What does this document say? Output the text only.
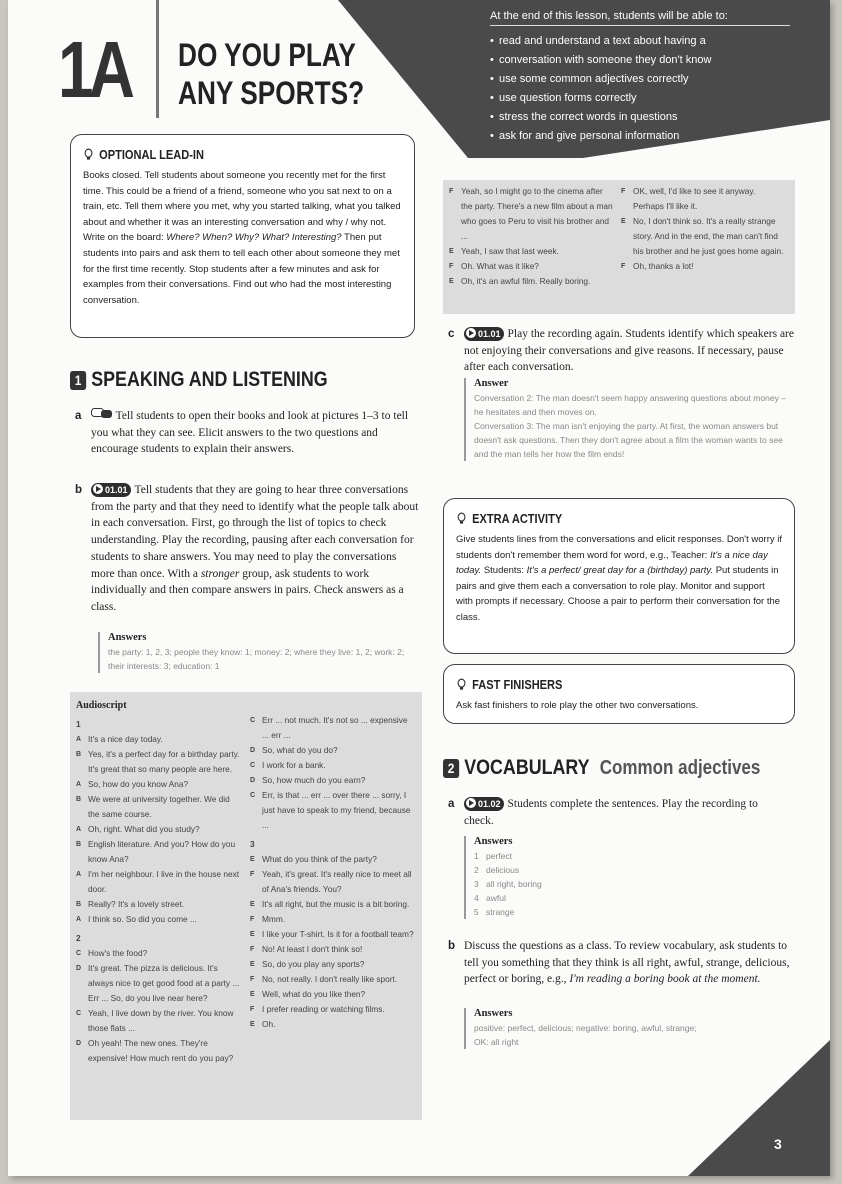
1A DO YOU PLAY
ANY SPORTS?
At the end of this lesson, students will be able to:
• read and understand a text about having a
• conversation with someone they don't know
• use some common adjectives correctly
• use question forms correctly
• stress the correct words in questions
• ask for and give personal information
OPTIONAL LEAD-IN
Books closed. Tell students about someone you recently met for the first time. This could be a friend of a friend, someone who you sat next to on a train, etc. Tell them where you met, why you started talking, what you talked about and whether it was an interesting conversation and why / why not. Write on the board: Where? When? Why? What? Interesting? Then put students into pairs and ask them to tell each other about someone they met for the first time recently. Stop students after a few minutes and ask for examples from their conversations. Find out who had the most interesting conversation.
1 SPEAKING AND LISTENING
a	Tell students to open their books and look at pictures 1–3 to tell you what they can see. Elicit answers to the two questions and encourage students to explain their answers.
b	01.01 Tell students that they are going to hear three conversations from the party and that they need to identify what the people talk about in each conversation. First, go through the list of topics to check understanding. Play the recording, pausing after each conversation for students to share answers. You may need to play the conversations more than once. With a stronger group, ask students to work individually and then compare answers in pairs. Check answers as a class.
Answers
the party: 1, 2, 3; people they know: 1; money: 2; where they live: 1, 2; work: 2; their interests: 3; education: 1
Audioscript
1
A It's a nice day today.
B Yes, it's a perfect day for a birthday party. It's great that so many people are here.
A So, how do you know Ana?
B We were at university together. We did the same course.
A Oh, right. What did you study?
B English literature. And you? How do you know Ana?
A I'm her neighbour. I live in the house next door.
B Really? It's a lovely street.
A I think so. So did you come ...
2
C How's the food?
D It's great. The pizza is delicious. It's always nice to get good food at a party ... Err ... So, do you live near here?
C Yeah, I live down by the river. You know those flats ...
D Oh yeah! The new ones. They're expensive! How much rent do you pay?
C Err ... not much. It's not so ... expensive ... err ...
D So, what do you do?
C I work for a bank.
D So, how much do you earn?
C Err, is that ... err ... over there ... sorry, I just have to speak to my friend, because ...
3
E What do you think of the party?
F Yeah, it's great. It's really nice to meet all of Ana's friends. You?
E It's all right, but the music is a bit boring.
F Mmm.
E I like your T-shirt. Is it for a football team?
F No! At least I don't think so!
E So, do you play any sports?
F No, not really. I don't really like sport.
E Well, what do you like then?
F I prefer reading or watching films.
E Oh.
F Yeah, so I might go to the cinema after the party. There's a new film about a man who goes to Peru to visit his brother and ...
E Yeah, I saw that last week.
F Oh. What was it like?
E Oh, it's an awful film. Really boring.
F OK, well, I'd like to see it anyway. Perhaps I'll like it.
E No, I don't think so. It's a really strange story. And in the end, the man can't find his brother and he just goes home again.
F Oh, thanks a lot!
c	01.01 Play the recording again. Students identify which speakers are not enjoying their conversations and give reasons. If necessary, pause after each conversation.
Answer
Conversation 2: The man doesn't seem happy answering questions about money – he hesitates and then moves on.
Conversation 3: The man isn't enjoying the party. At first, the woman answers but doesn't ask questions. Then they don't agree about a film the woman wants to see and the man tells her how the film ends!
EXTRA ACTIVITY
Give students lines from the conversations and elicit responses. Don't worry if students don't remember them word for word, e.g., Teacher: It's a nice day today. Students: It's a perfect/ great day for a (birthday) party. Put students in pairs and give them each a conversation to role play. Monitor and support with prompts if necessary. Choose a pair to perform their conversation for the class.
FAST FINISHERS
Ask fast finishers to role play the other two conversations.
2 VOCABULARY Common adjectives
a	01.02 Students complete the sentences. Play the recording to check.
Answers
1 perfect
2 delicious
3 all right, boring
4 awful
5 strange
b Discuss the questions as a class. To review vocabulary, ask students to tell you something that they think is all right, awful, strange, delicious, perfect or boring, e.g., I'm reading a boring book at the moment.
Answers
positive: perfect, delicious; negative: boring, awful, strange;
OK: all right
3
